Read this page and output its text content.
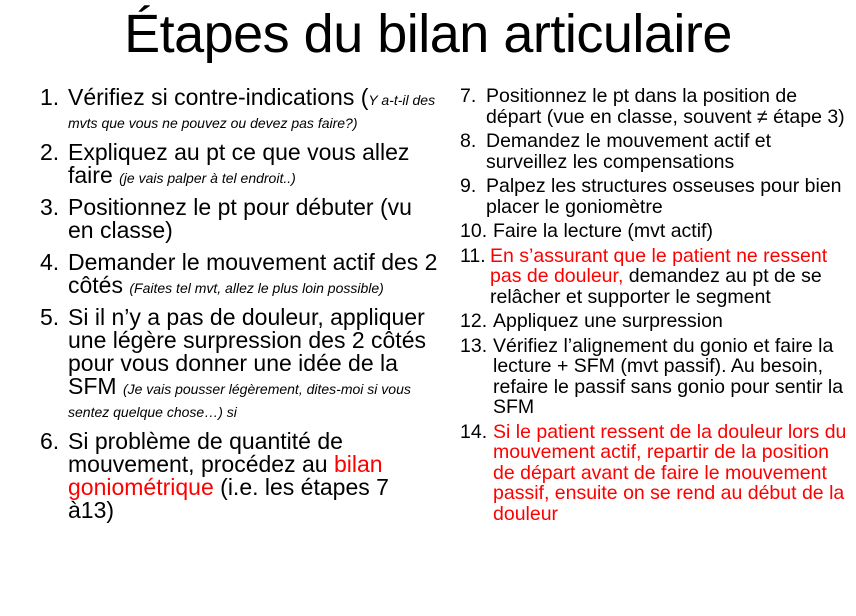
Étapes du bilan articulaire
1. Vérifiez si contre-indications (Y a-t-il des mvts que vous ne pouvez ou devez pas faire?)
2. Expliquez au pt ce que vous allez faire (je vais palper à tel endroit..)
3. Positionnez le pt pour débuter (vu en classe)
4. Demander le mouvement actif des 2 côtés (Faites tel mvt, allez le plus loin possible)
5. Si il n’y a pas de douleur, appliquer une légère surpression des 2 côtés pour vous donner une idée de la SFM (Je vais pousser légèrement, dites-moi si vous sentez quelque chose…) si
6. Si problème de quantité de mouvement, procédez au bilan goniométrique (i.e. les étapes 7 à13)
7. Positionnez le pt dans la position de départ (vue en classe, souvent ≠ étape 3)
8. Demandez le mouvement actif et surveillez les compensations
9. Palpez les structures osseuses pour bien placer le goniomètre
10. Faire la lecture (mvt actif)
11. En s’assurant que le patient ne ressent pas de douleur, demandez au pt de se relâcher et supporter le segment
12. Appliquez une surpression
13. Vérifiez l’alignement du gonio et faire la lecture + SFM (mvt passif). Au besoin, refaire le passif sans gonio pour sentir la SFM
14. Si le patient ressent de la douleur lors du mouvement actif, repartir de la position de départ avant de faire le mouvement passif, ensuite on se rend au début de la douleur
